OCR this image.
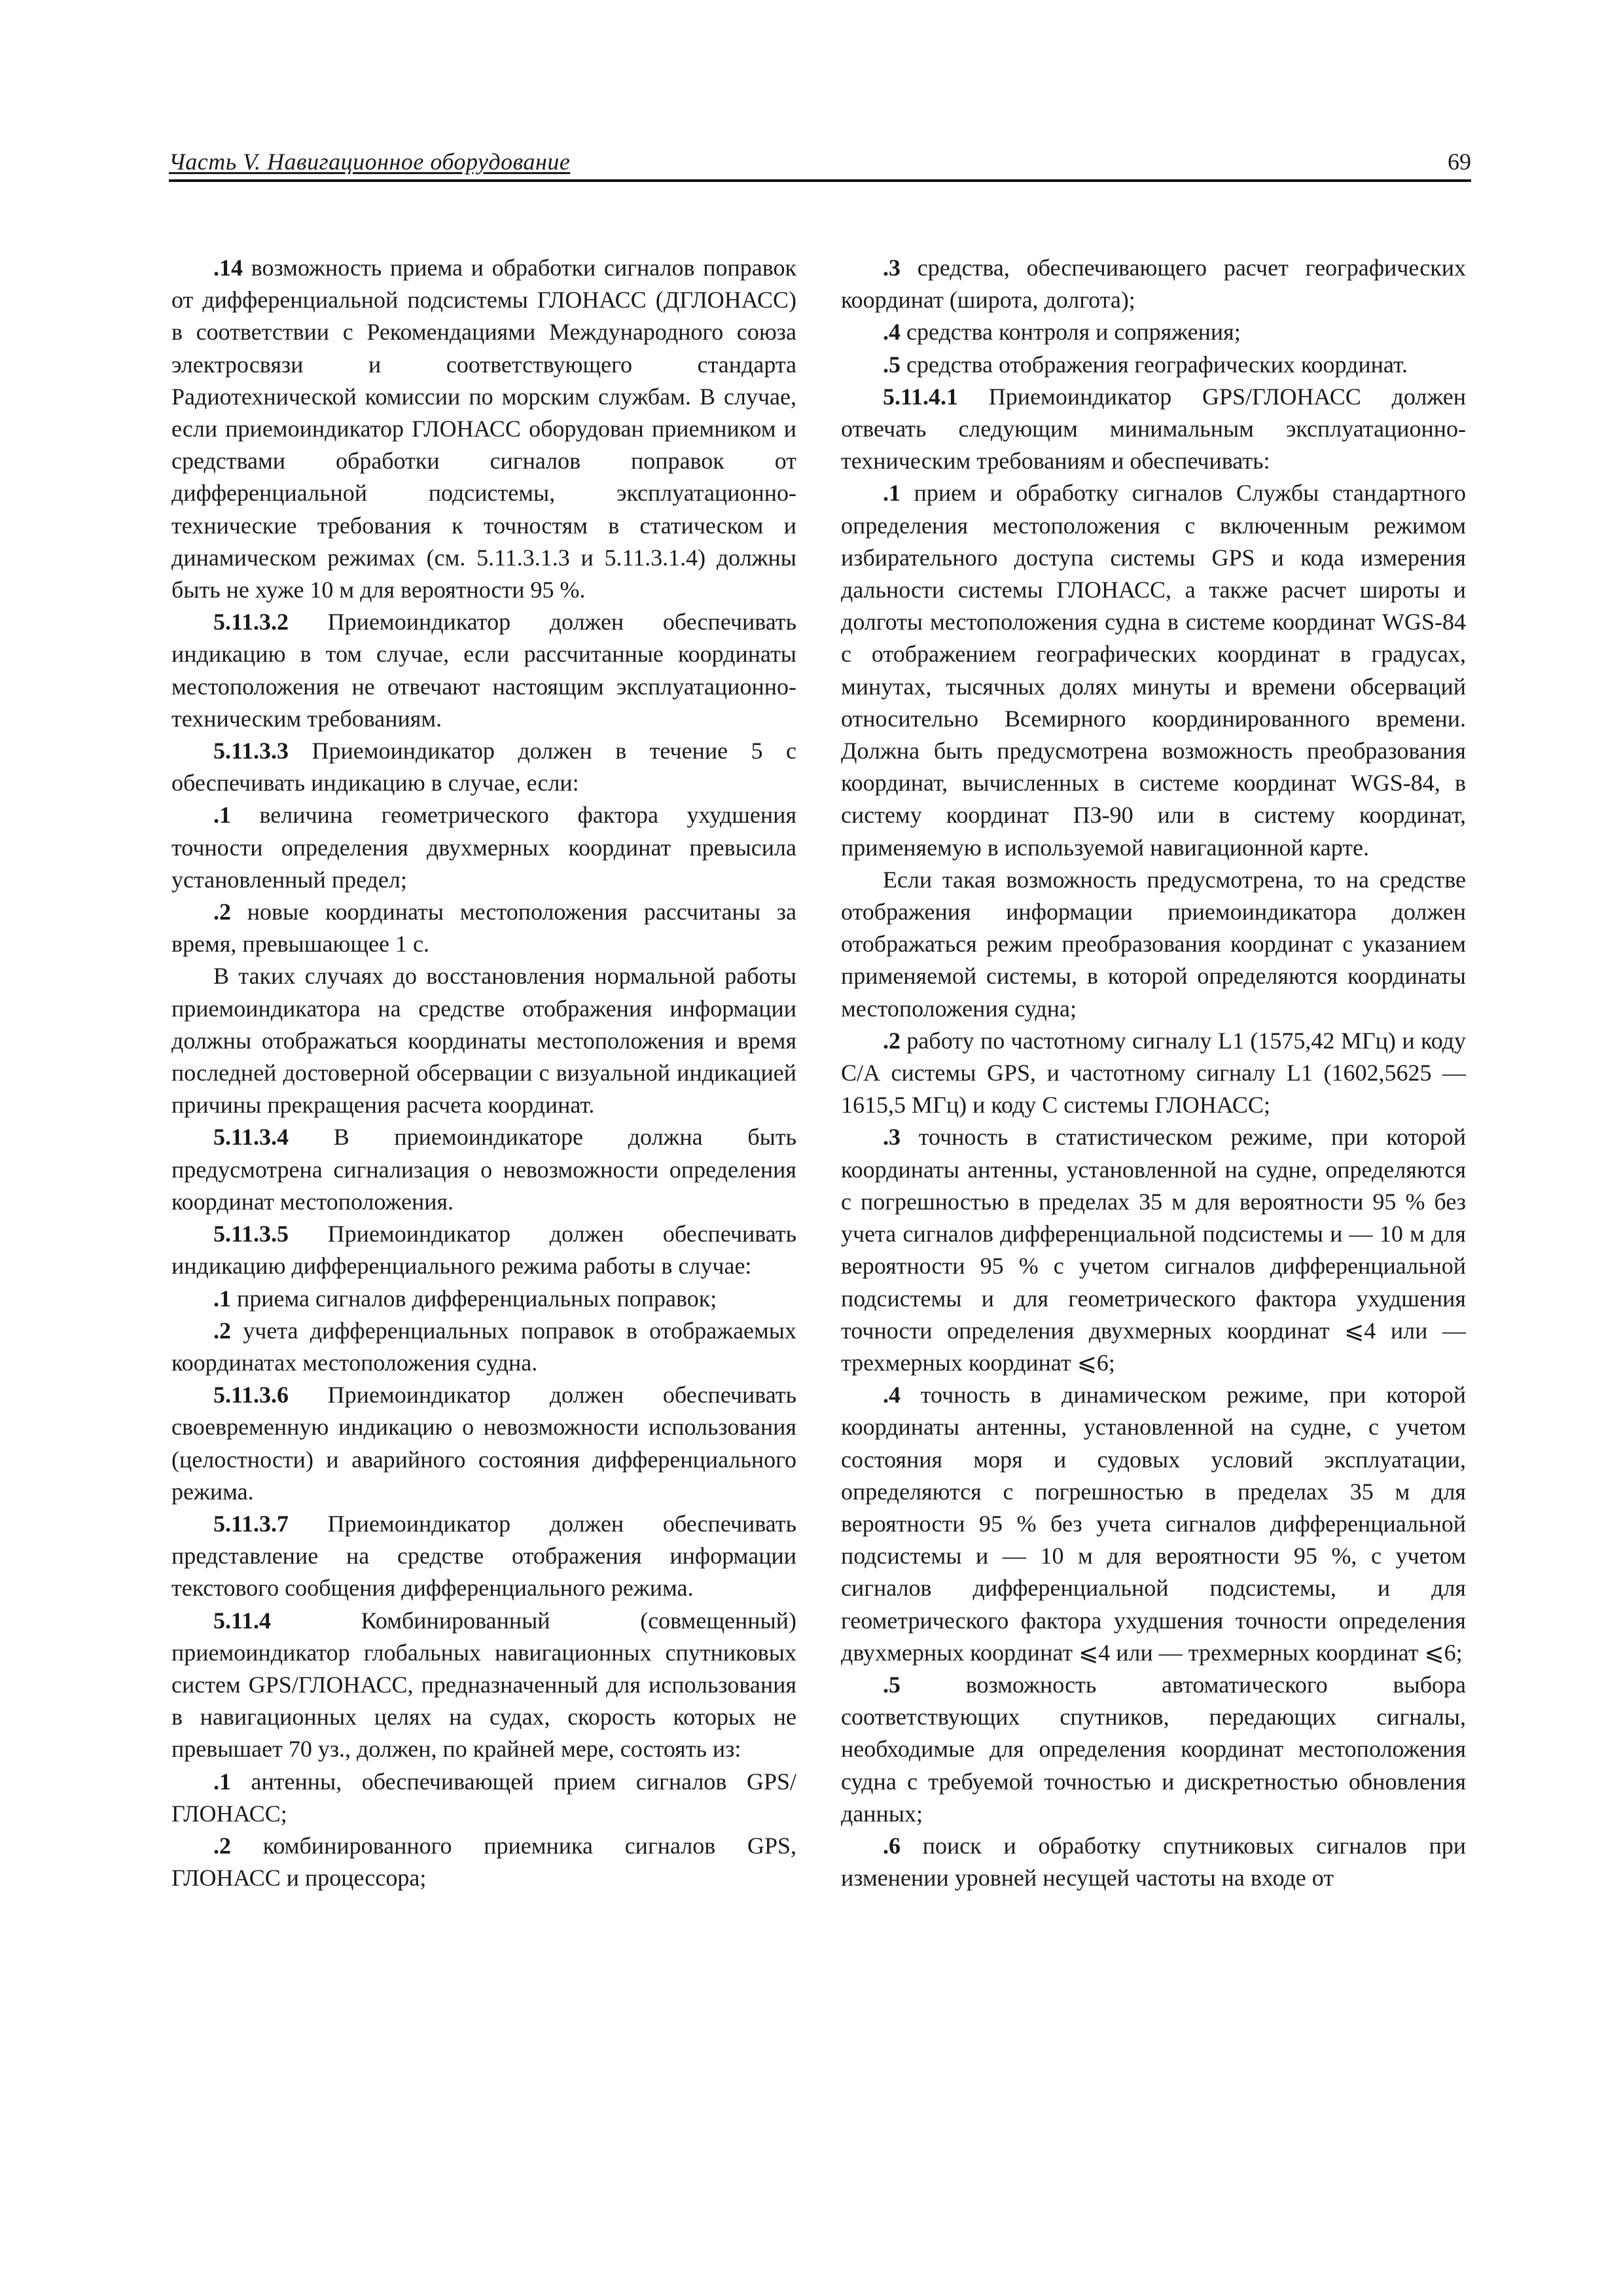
Часть V. Навигационное оборудование	69

.14 возможность приема и обработки сигналов поправок от дифференциальной подсистемы ГЛОНАСС (ДГЛОНАСС) в соответствии с Рекомендациями Международного союза электросвязи и соответствующего стандарта Радиотехнической комиссии по морским службам. В случае, если приемоиндикатор ГЛОНАСС оборудован приемником и средствами обработки сигналов поправок от дифференциальной подсистемы, эксплуатационно-технические требования к точностям в статическом и динамическом режимах (см. 5.11.3.1.3 и 5.11.3.1.4) должны быть не хуже 10 м для вероятности 95 %.

5.11.3.2 Приемоиндикатор должен обеспечивать индикацию в том случае, если рассчитанные координаты местоположения не отвечают настоящим эксплуатационно-техническим требованиям.

5.11.3.3 Приемоиндикатор должен в течение 5 с обеспечивать индикацию в случае, если:

.1 величина геометрического фактора ухудшения точности определения двухмерных координат превысила установленный предел;

.2 новые координаты местоположения рассчитаны за время, превышающее 1 с.

В таких случаях до восстановления нормальной работы приемоиндикатора на средстве отображения информации должны отображаться координаты местоположения и время последней достоверной обсервации с визуальной индикацией причины прекращения расчета координат.

5.11.3.4 В приемоиндикаторе должна быть предусмотрена сигнализация о невозможности определения координат местоположения.

5.11.3.5 Приемоиндикатор должен обеспечивать индикацию дифференциального режима работы в случае:

.1 приема сигналов дифференциальных поправок;

.2 учета дифференциальных поправок в отображаемых координатах местоположения судна.

5.11.3.6 Приемоиндикатор должен обеспечивать своевременную индикацию о невозможности использования (целостности) и аварийного состояния дифференциального режима.

5.11.3.7 Приемоиндикатор должен обеспечивать представление на средстве отображения информации текстового сообщения дифференциального режима.

5.11.4 Комбинированный (совмещенный) приемоиндикатор глобальных навигационных спутниковых систем GPS/ГЛОНАСС, предназначенный для использования в навигационных целях на судах, скорость которых не превышает 70 уз., должен, по крайней мере, состоять из:

.1 антенны, обеспечивающей прием сигналов GPS/ГЛОНАСС;

.2 комбинированного приемника сигналов GPS, ГЛОНАСС и процессора;

.3 средства, обеспечивающего расчет географических координат (широта, долгота);

.4 средства контроля и сопряжения;

.5 средства отображения географических координат.

5.11.4.1 Приемоиндикатор GPS/ГЛОНАСС должен отвечать следующим минимальным эксплуатационно-техническим требованиям и обеспечивать:

.1 прием и обработку сигналов Службы стандартного определения местоположения с включенным режимом избирательного доступа системы GPS и кода измерения дальности системы ГЛОНАСС, а также расчет широты и долготы местоположения судна в системе координат WGS-84 с отображением географических координат в градусах, минутах, тысячных долях минуты и времени обсерваций относительно Всемирного координированного времени. Должна быть предусмотрена возможность преобразования координат, вычисленных в системе координат WGS-84, в систему координат ПЗ-90 или в систему координат, применяемую в используемой навигационной карте.

Если такая возможность предусмотрена, то на средстве отображения информации приемоиндикатора должен отображаться режим преобразования координат с указанием применяемой системы, в которой определяются координаты местоположения судна;

.2 работу по частотному сигналу L1 (1575,42 МГц) и коду С/А системы GPS, и частотному сигналу L1 (1602,5625 — 1615,5 МГц) и коду С системы ГЛОНАСС;

.3 точность в статистическом режиме, при которой координаты антенны, установленной на судне, определяются с погрешностью в пределах 35 м для вероятности 95 % без учета сигналов дифференциальной подсистемы и — 10 м для вероятности 95 % с учетом сигналов дифференциальной подсистемы и для геометрического фактора ухудшения точности определения двухмерных координат ⩽4 или — трехмерных координат ⩽6;

.4 точность в динамическом режиме, при которой координаты антенны, установленной на судне, с учетом состояния моря и судовых условий эксплуатации, определяются с погрешностью в пределах 35 м для вероятности 95 % без учета сигналов дифференциальной подсистемы и — 10 м для вероятности 95 %, с учетом сигналов дифференциальной подсистемы, и для геометрического фактора ухудшения точности определения двухмерных координат ⩽4 или — трехмерных координат ⩽6;

.5 возможность автоматического выбора соответствующих спутников, передающих сигналы, необходимые для определения координат местоположения судна с требуемой точностью и дискретностью обновления данных;

.6 поиск и обработку спутниковых сигналов при изменении уровней несущей частоты на входе от
